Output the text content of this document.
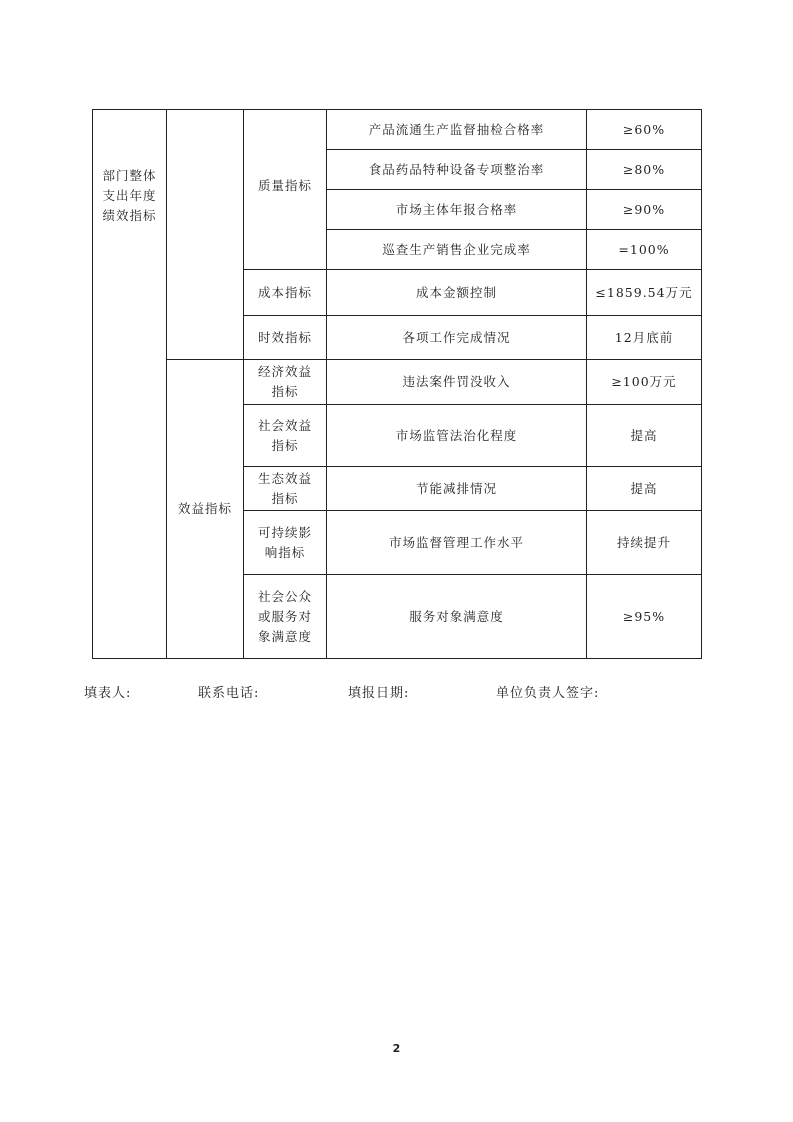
部门整体支出年度绩效指标		质量指标	产品流通生产监督抽检合格率	≥60%
			食品药品特种设备专项整治率	≥80%
			市场主体年报合格率	≥90%
			巡查生产销售企业完成率	=100%
		成本指标	成本金额控制	≤1859.54万元
		时效指标	各项工作完成情况	12月底前
	效益指标	经济效益指标	违法案件罚没收入	≥100万元
		社会效益指标	市场监管法治化程度	提高
		生态效益指标	节能减排情况	提高
		可持续影响指标	市场监督管理工作水平	持续提升
		社会公众或服务对象满意度	服务对象满意度	≥95%
填表人:	联系电话:	填报日期:	单位负责人签字:
2
